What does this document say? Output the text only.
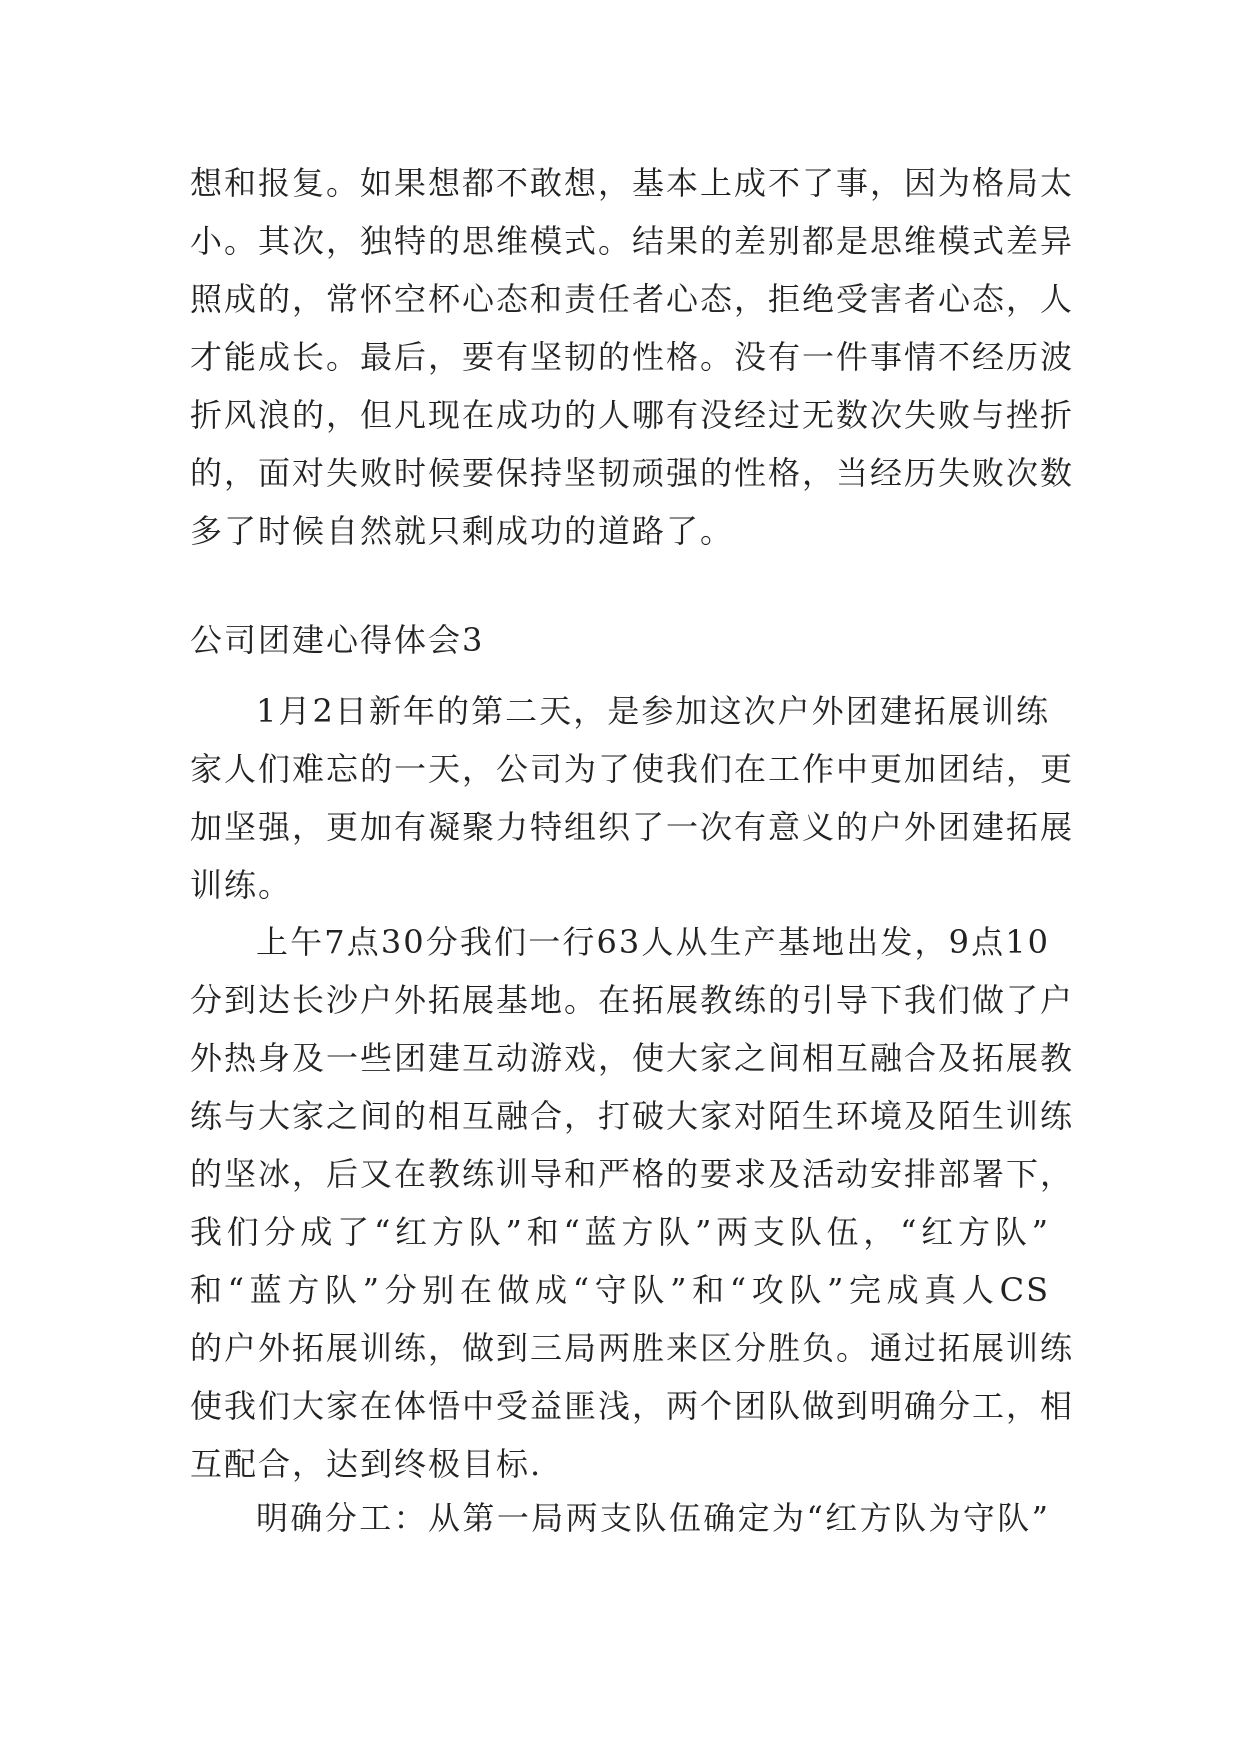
想和报复。如果想都不敢想，基本上成不了事，因为格局太
小。其次，独特的思维模式。结果的差别都是思维模式差异
照成的，常怀空杯心态和责任者心态，拒绝受害者心态，人
才能成长。最后，要有坚韧的性格。没有一件事情不经历波
折风浪的，但凡现在成功的人哪有没经过无数次失败与挫折
的，面对失败时候要保持坚韧顽强的性格，当经历失败次数
多了时候自然就只剩成功的道路了。
公司团建心得体会3
1月2日新年的第二天，是参加这次户外团建拓展训练
家人们难忘的一天，公司为了使我们在工作中更加团结，更
加坚强，更加有凝聚力特组织了一次有意义的户外团建拓展
训练。
上午7点30分我们一行63人从生产基地出发，9点10
分到达长沙户外拓展基地。在拓展教练的引导下我们做了户
外热身及一些团建互动游戏，使大家之间相互融合及拓展教
练与大家之间的相互融合，打破大家对陌生环境及陌生训练
的坚冰，后又在教练训导和严格的要求及活动安排部署下，
我们分成了“红方队”和“蓝方队”两支队伍，“红方队”
和“蓝方队”分别在做成“守队”和“攻队”完成真人CS
的户外拓展训练，做到三局两胜来区分胜负。通过拓展训练
使我们大家在体悟中受益匪浅，两个团队做到明确分工，相
互配合，达到终极目标.
明确分工：从第一局两支队伍确定为“红方队为守队”
